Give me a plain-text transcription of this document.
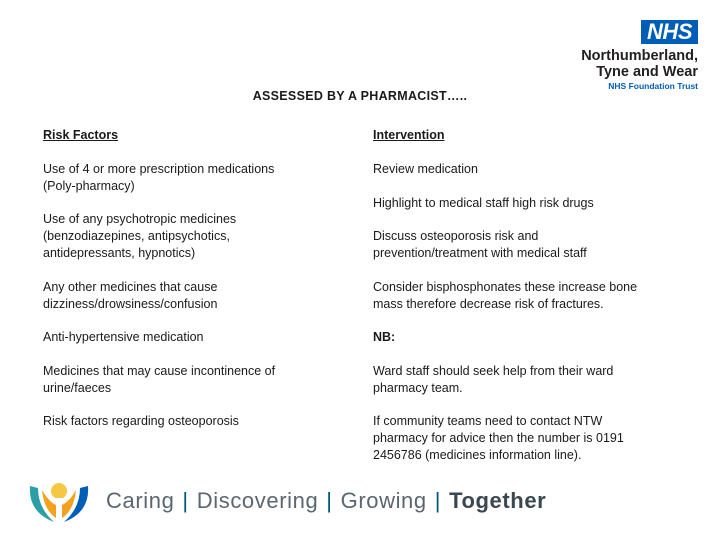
NHS
Northumberland,
Tyne and Wear
NHS Foundation Trust
ASSESSED BY A PHARMACIST…..
Risk Factors
Use of 4 or more prescription medications
(Poly-pharmacy)
Use of any psychotropic medicines
(benzodiazepines, antipsychotics,
antidepressants, hypnotics)
Any other medicines that cause
dizziness/drowsiness/confusion
Anti-hypertensive medication
Medicines that may cause incontinence of
urine/faeces
Risk factors regarding osteoporosis
Intervention
Review medication
Highlight to medical staff high risk drugs
Discuss osteoporosis risk and
prevention/treatment with medical staff
Consider bisphosphonates these increase bone
mass therefore decrease risk of fractures.
NB:
Ward staff should seek help from their ward
pharmacy team.
If community teams need to contact NTW
pharmacy for advice then the number is 0191
2456786 (medicines information line).
Caring | Discovering | Growing | Together
